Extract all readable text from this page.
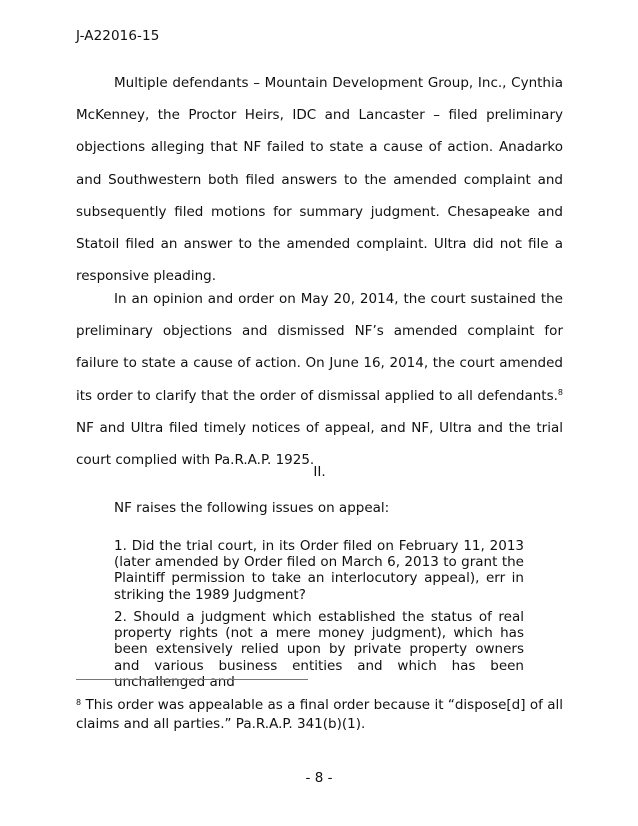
J-A22016-15

Multiple defendants – Mountain Development Group, Inc., Cynthia McKenney, the Proctor Heirs, IDC and Lancaster – filed preliminary objections alleging that NF failed to state a cause of action. Anadarko and Southwestern both filed answers to the amended complaint and subsequently filed motions for summary judgment. Chesapeake and Statoil filed an answer to the amended complaint. Ultra did not file a responsive pleading.

In an opinion and order on May 20, 2014, the court sustained the preliminary objections and dismissed NF’s amended complaint for failure to state a cause of action. On June 16, 2014, the court amended its order to clarify that the order of dismissal applied to all defendants.$^8$ NF and Ultra filed timely notices of appeal, and NF, Ultra and the trial court complied with Pa.R.A.P. 1925.

II.

NF raises the following issues on appeal:

1. Did the trial court, in its Order filed on February 11, 2013 (later amended by Order filed on March 6, 2013 to grant the Plaintiff permission to take an interlocutory appeal), err in striking the 1989 Judgment?

2. Should a judgment which established the status of real property rights (not a mere money judgment), which has been extensively relied upon by private property owners and various business entities and which has been unchallenged and

$^8$ This order was appealable as a final order because it “dispose[d] of all claims and all parties.” Pa.R.A.P. 341(b)(1).

- 8 -
